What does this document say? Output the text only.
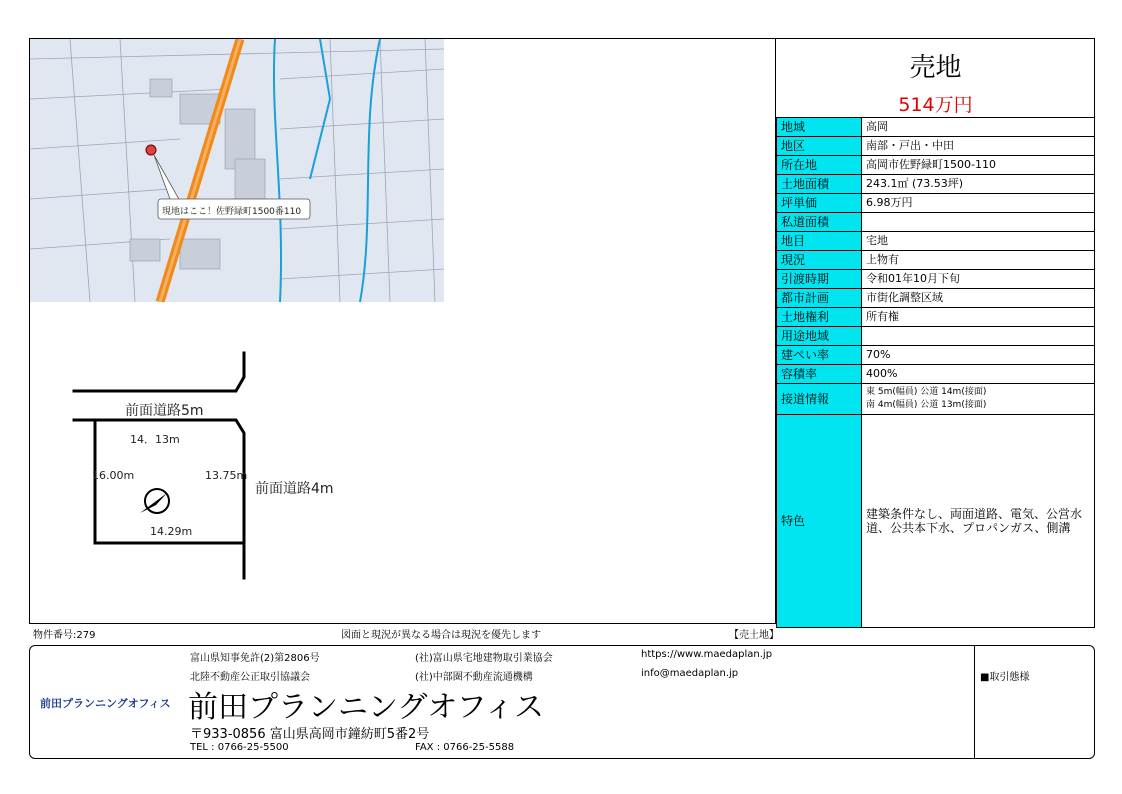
現地はここ！佐野緑町1500番110
前面道路5m
前面道路4m
14．13m
16.00m	13.75m
14.29m
売地
514万円
地域	高岡
地区	南部・戸出・中田
所在地	高岡市佐野緑町1500-110
土地面積	243.1㎡ (73.53坪)
坪単価	6.98万円
私道面積	
地目	宅地
現況	上物有
引渡時期	令和01年10月下旬
都市計画	市街化調整区域
土地権利	所有権
用途地域	
建ぺい率	70%
容積率	400%
接道情報	東 5m(幅員) 公道 14m(接面)
南 4m(幅員) 公道 13m(接面)

特色	建築条件なし、両面道路、電気、公営水道、公共本下水、プロパンガス、側溝
物件番号:279	図面と現況が異なる場合は現況を優先します	【売土地】
前田プランニングオフィス
富山県知事免許(2)第2806号	(社)富山県宅地建物取引業協会
北陸不動産公正取引協議会	(社)中部圏不動産流通機構
https://www.maedaplan.jp
info@maedaplan.jp
前田プランニングオフィス
〒933-0856 富山県高岡市鐘紡町5番2号
TEL : 0766-25-5500	FAX : 0766-25-5588
■取引態様
